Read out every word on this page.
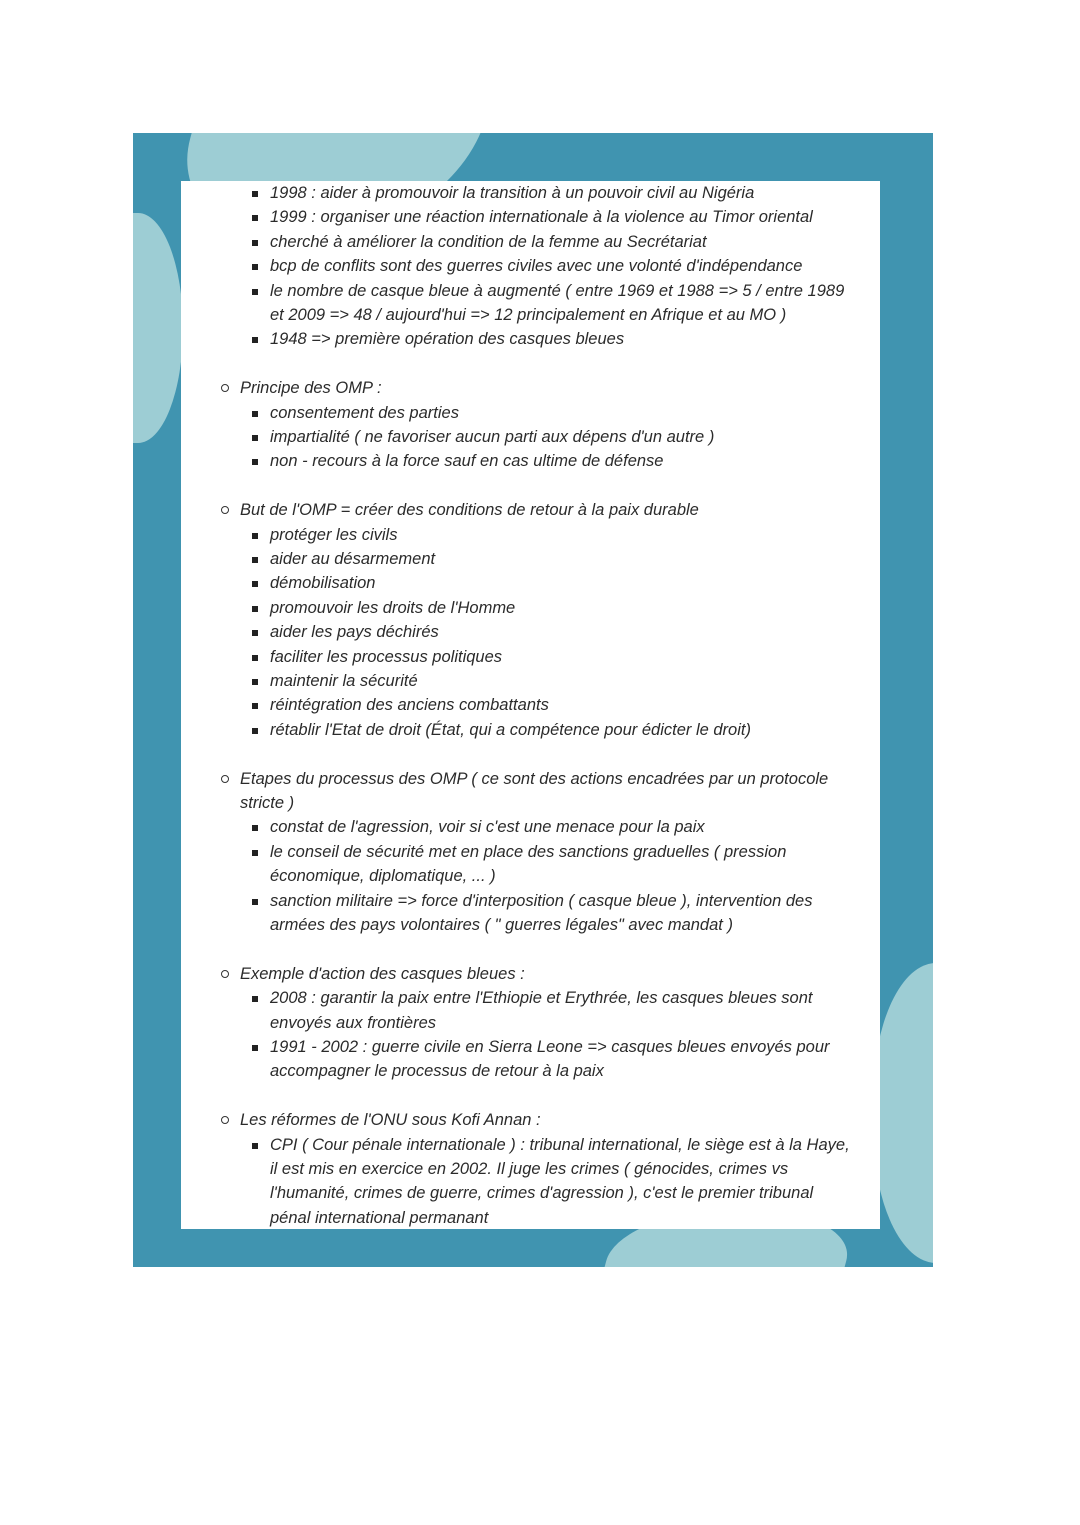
1998 : aider à promouvoir la transition à un pouvoir civil au Nigéria
1999 : organiser une réaction internationale à la violence au Timor oriental
cherché à améliorer la condition de la femme au Secrétariat
bcp de conflits sont des guerres civiles avec une volonté d'indépendance
le nombre de casque bleue à augmenté ( entre 1969 et 1988 => 5 / entre 1989
et 2009 => 48 / aujourd'hui => 12 principalement en Afrique et au MO )
1948 => première opération des casques bleues
Principe des OMP :
consentement des parties
impartialité ( ne favoriser aucun parti aux dépens d'un autre )
non - recours à la force sauf en cas ultime de défense
But de l'OMP = créer des conditions de retour à la paix durable
protéger les civils
aider au désarmement
démobilisation
promouvoir les droits de l'Homme
aider les pays déchirés
faciliter les processus politiques
maintenir la sécurité
réintégration des anciens combattants
rétablir l'Etat de droit (État, qui a compétence pour édicter le droit)
Etapes du processus des OMP ( ce sont des actions encadrées par un protocole
stricte )
constat de l'agression, voir si c'est une menace pour la paix
le conseil de sécurité met en place des sanctions graduelles ( pression
économique, diplomatique, ... )
sanction militaire => force d'interposition ( casque bleue ), intervention des
armées des pays volontaires ( " guerres légales" avec mandat )
Exemple d'action des casques bleues :
2008 : garantir la paix entre l'Ethiopie et Erythrée, les casques bleues sont
envoyés aux frontières
1991 - 2002 : guerre civile en Sierra Leone => casques bleues envoyés pour
accompagner le processus de retour à la paix
Les réformes de l'ONU sous Kofi Annan :
CPI ( Cour pénale internationale ) : tribunal international, le siège est à la Haye,
il est mis en exercice en 2002. Il juge les crimes ( génocides, crimes vs
l'humanité, crimes de guerre, crimes d'agression ), c'est le premier tribunal
pénal international permanant
